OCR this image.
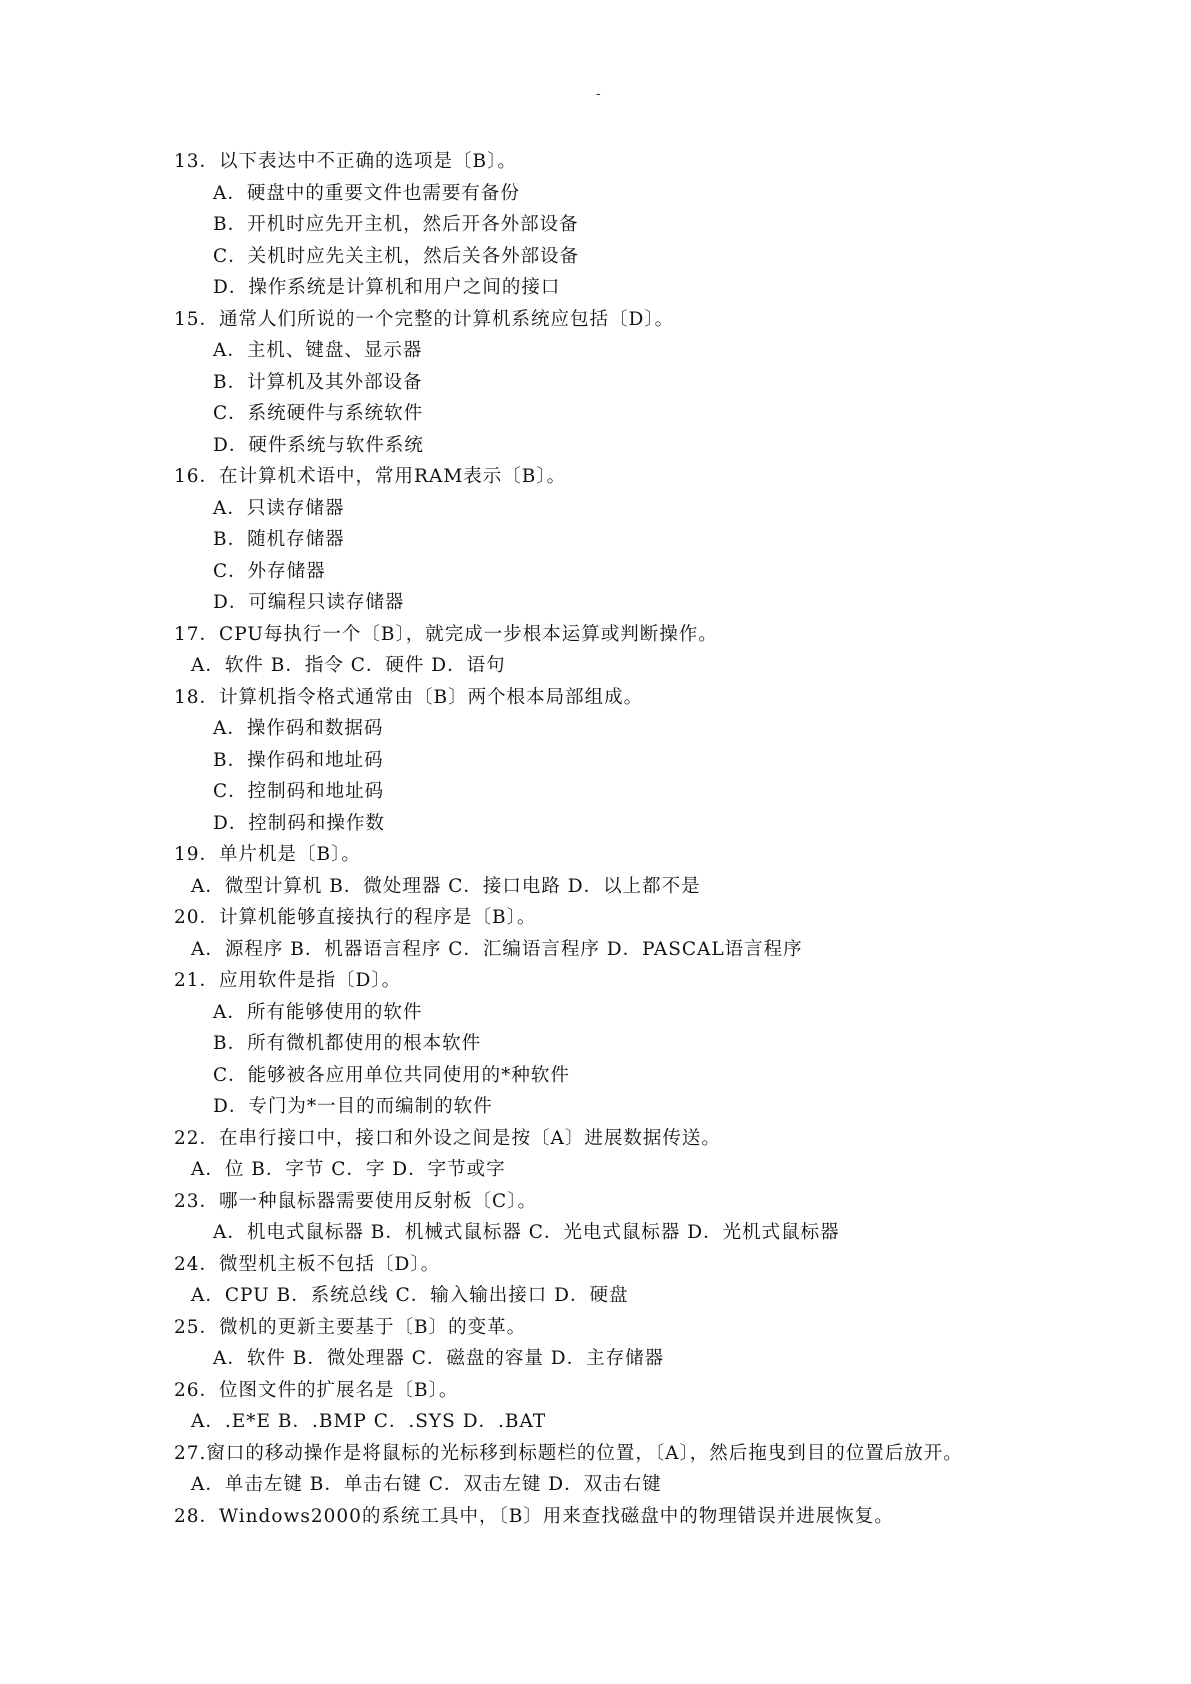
-
13．以下表达中不正确的选项是〔B〕。
A．硬盘中的重要文件也需要有备份
B．开机时应先开主机，然后开各外部设备
C．关机时应先关主机，然后关各外部设备
D．操作系统是计算机和用户之间的接口
15．通常人们所说的一个完整的计算机系统应包括〔D〕。
A．主机、键盘、显示器
B．计算机及其外部设备
C．系统硬件与系统软件
D．硬件系统与软件系统
16．在计算机术语中，常用RAM表示〔B〕。
A．只读存储器
B．随机存储器
C．外存储器
D．可编程只读存储器
17．CPU每执行一个〔B〕，就完成一步根本运算或判断操作。
A．软件 B．指令 C．硬件 D．语句
18．计算机指令格式通常由〔B〕两个根本局部组成。
A．操作码和数据码
B．操作码和地址码
C．控制码和地址码
D．控制码和操作数
19．单片机是〔B〕。
A．微型计算机 B．微处理器 C．接口电路 D．以上都不是
20．计算机能够直接执行的程序是〔B〕。
A．源程序 B．机器语言程序 C．汇编语言程序 D．PASCAL语言程序
21．应用软件是指〔D〕。
A．所有能够使用的软件
B．所有微机都使用的根本软件
C．能够被各应用单位共同使用的*种软件
D．专门为*一目的而编制的软件
22．在串行接口中，接口和外设之间是按〔A〕进展数据传送。
A．位 B．字节 C．字 D．字节或字
23．哪一种鼠标器需要使用反射板〔C〕。
A．机电式鼠标器 B．机械式鼠标器 C．光电式鼠标器 D．光机式鼠标器
24．微型机主板不包括〔D〕。
A．CPU B．系统总线 C．输入输出接口 D．硬盘
25．微机的更新主要基于〔B〕的变革。
A．软件 B．微处理器 C．磁盘的容量 D．主存储器
26．位图文件的扩展名是〔B〕。
A．.E*E B．.BMP C．.SYS D．.BAT
27.窗口的移动操作是将鼠标的光标移到标题栏的位置，〔A〕，然后拖曳到目的位置后放开。
A．单击左键 B．单击右键 C．双击左键 D．双击右键
28．Windows2000的系统工具中，〔B〕用来查找磁盘中的物理错误并进展恢复。
